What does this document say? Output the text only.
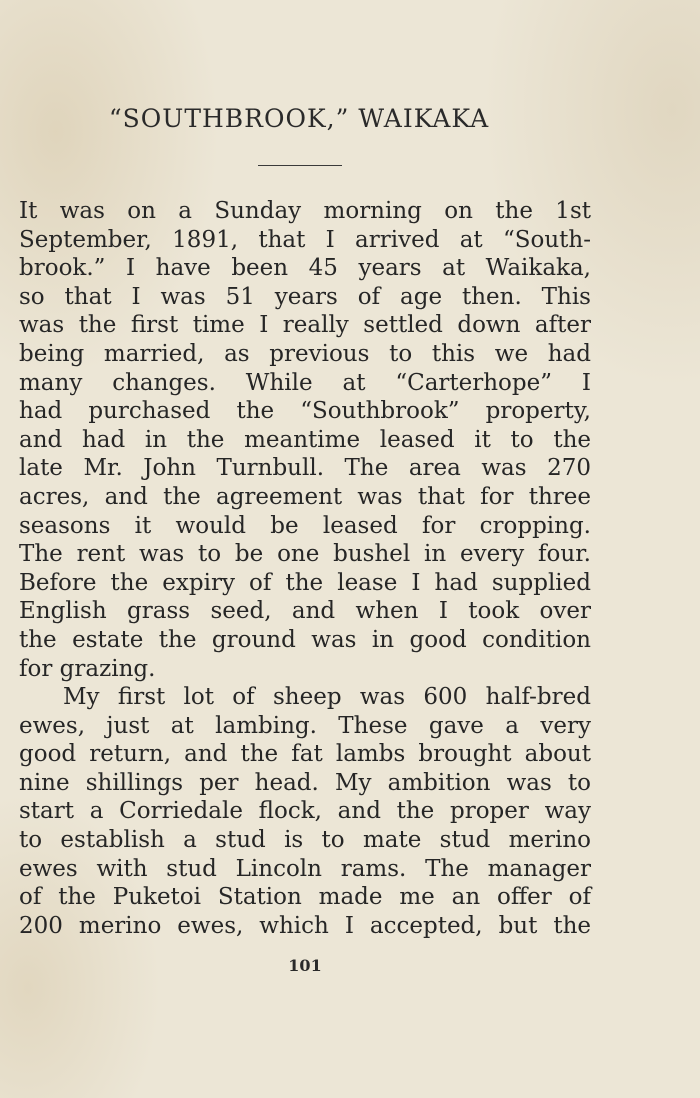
“SOUTHBROOK,” WAIKAKA
It was on a Sunday morning on the 1st
September, 1891, that I arrived at “South-
brook.” I have been 45 years at Waikaka,
so that I was 51 years of age then. This
was the first time I really settled down after
being married, as previous to this we had
many changes. While at “Carterhope” I
had purchased the “Southbrook” property,
and had in the meantime leased it to the
late Mr. John Turnbull. The area was 270
acres, and the agreement was that for three
seasons it would be leased for cropping.
The rent was to be one bushel in every four.
Before the expiry of the lease I had supplied
English grass seed, and when I took over
the estate the ground was in good condition
for grazing.
My first lot of sheep was 600 half-bred
ewes, just at lambing. These gave a very
good return, and the fat lambs brought about
nine shillings per head. My ambition was to
start a Corriedale flock, and the proper way
to establish a stud is to mate stud merino
ewes with stud Lincoln rams. The manager
of the Puketoi Station made me an offer of
200 merino ewes, which I accepted, but the
101
